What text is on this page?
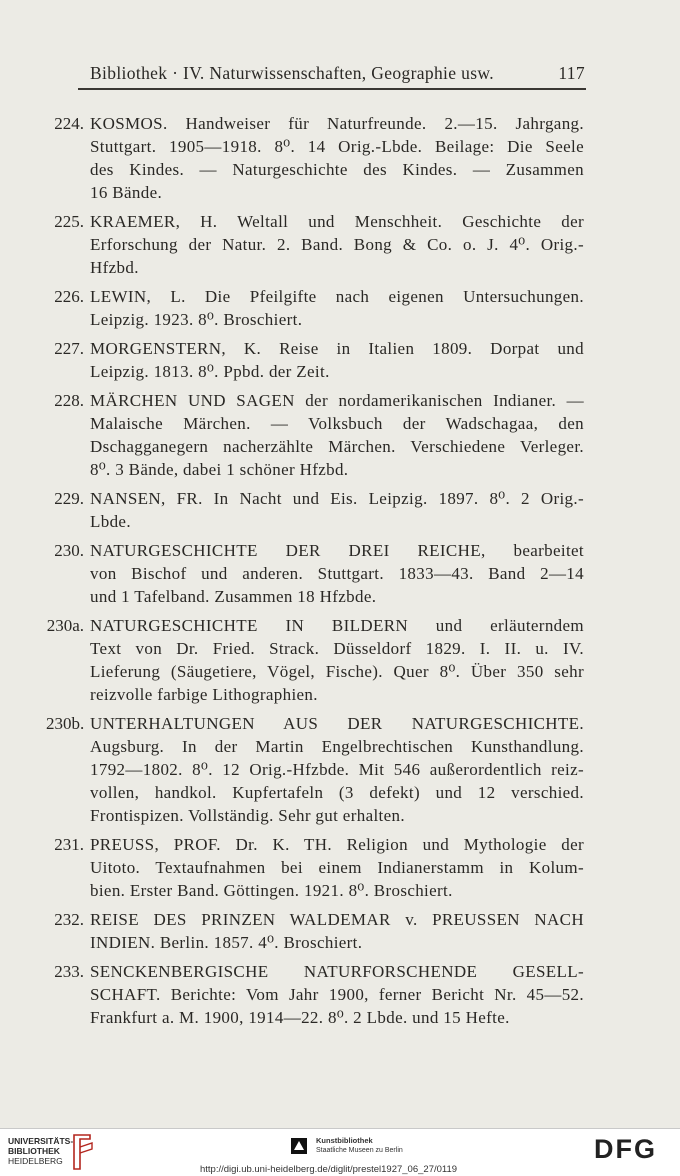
Bibliothek · IV. Naturwissenschaften, Geographie usw.	117
224. KOSMOS. Handweiser für Naturfreunde. 2.—15. Jahrgang.
Stuttgart. 1905—1918. 8⁰. 14 Orig.-Lbde. Beilage: Die Seele
des Kindes. — Naturgeschichte des Kindes. — Zusammen
16 Bände.
225. KRAEMER, H. Weltall und Menschheit. Geschichte der
Erforschung der Natur. 2. Band. Bong & Co. o. J. 4⁰. Orig.-
Hfzbd.
226. LEWIN, L. Die Pfeilgifte nach eigenen Untersuchungen.
Leipzig. 1923. 8⁰. Broschiert.
227. MORGENSTERN, K. Reise in Italien 1809. Dorpat und
Leipzig. 1813. 8⁰. Ppbd. der Zeit.
228. MÄRCHEN UND SAGEN der nordamerikanischen Indianer. —
Malaische Märchen. — Volksbuch der Wadschagaa, den
Dschagganegern nacherzählte Märchen. Verschiedene Verleger.
8⁰. 3 Bände, dabei 1 schöner Hfzbd.
229. NANSEN, FR. In Nacht und Eis. Leipzig. 1897. 8⁰. 2 Orig.-
Lbde.
230. NATURGESCHICHTE DER DREI REICHE, bearbeitet
von Bischof und anderen. Stuttgart. 1833—43. Band 2—14
und 1 Tafelband. Zusammen 18 Hfzbde.
230a. NATURGESCHICHTE IN BILDERN und erläuterndem
Text von Dr. Fried. Strack. Düsseldorf 1829. I. II. u. IV.
Lieferung (Säugetiere, Vögel, Fische). Quer 8⁰. Über 350 sehr
reizvolle farbige Lithographien.
230b. UNTERHALTUNGEN AUS DER NATURGESCHICHTE.
Augsburg. In der Martin Engelbrechtischen Kunsthandlung.
1792—1802. 8⁰. 12 Orig.-Hfzbde. Mit 546 außerordentlich reiz-
vollen, handkol. Kupfertafeln (3 defekt) und 12 verschied.
Frontispizen. Vollständig. Sehr gut erhalten.
231. PREUSS, PROF. Dr. K. TH. Religion und Mythologie der
Uitoto. Textaufnahmen bei einem Indianerstamm in Kolum-
bien. Erster Band. Göttingen. 1921. 8⁰. Broschiert.
232. REISE DES PRINZEN WALDEMAR v. PREUSSEN NACH
INDIEN. Berlin. 1857. 4⁰. Broschiert.
233. SENCKENBERGISCHE NATURFORSCHENDE GESELL-
SCHAFT. Berichte: Vom Jahr 1900, ferner Bericht Nr. 45—52.
Frankfurt a. M. 1900, 1914—22. 8⁰. 2 Lbde. und 15 Hefte.
UNIVERSITÄTS-
BIBLIOTHEK
HEIDELBERG
Kunstbibliothek
Staatliche Museen zu Berlin	DFG
http://digi.ub.uni-heidelberg.de/diglit/prestel1927_06_27/0119
